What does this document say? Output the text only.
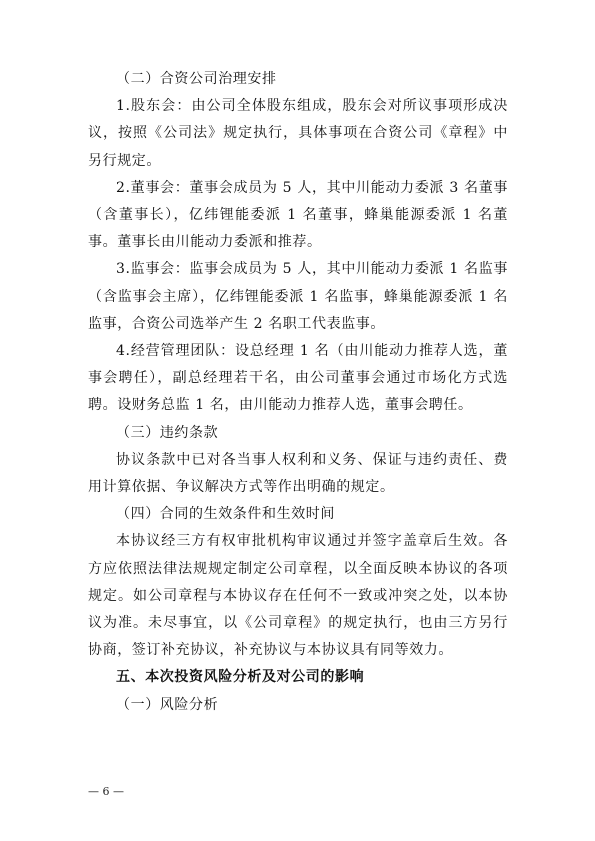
（二）合资公司治理安排

1.股东会：由公司全体股东组成，股东会对所议事项形成决议，按照《公司法》规定执行，具体事项在合资公司《章程》中另行规定。

2.董事会：董事会成员为 5 人，其中川能动力委派 3 名董事（含董事长），亿纬锂能委派 1 名董事，蜂巢能源委派 1 名董事。董事长由川能动力委派和推荐。

3.监事会：监事会成员为 5 人，其中川能动力委派 1 名监事（含监事会主席），亿纬锂能委派 1 名监事，蜂巢能源委派 1 名监事，合资公司选举产生 2 名职工代表监事。

4.经营管理团队：设总经理 1 名（由川能动力推荐人选，董事会聘任），副总经理若干名，由公司董事会通过市场化方式选聘。设财务总监 1 名，由川能动力推荐人选，董事会聘任。

（三）违约条款

协议条款中已对各当事人权利和义务、保证与违约责任、费用计算依据、争议解决方式等作出明确的规定。

（四）合同的生效条件和生效时间

本协议经三方有权审批机构审议通过并签字盖章后生效。各方应依照法律法规规定制定公司章程，以全面反映本协议的各项规定。如公司章程与本协议存在任何不一致或冲突之处，以本协议为准。未尽事宜，以《公司章程》的规定执行，也由三方另行协商，签订补充协议，补充协议与本协议具有同等效力。

五、本次投资风险分析及对公司的影响

（一）风险分析

— 6 —
